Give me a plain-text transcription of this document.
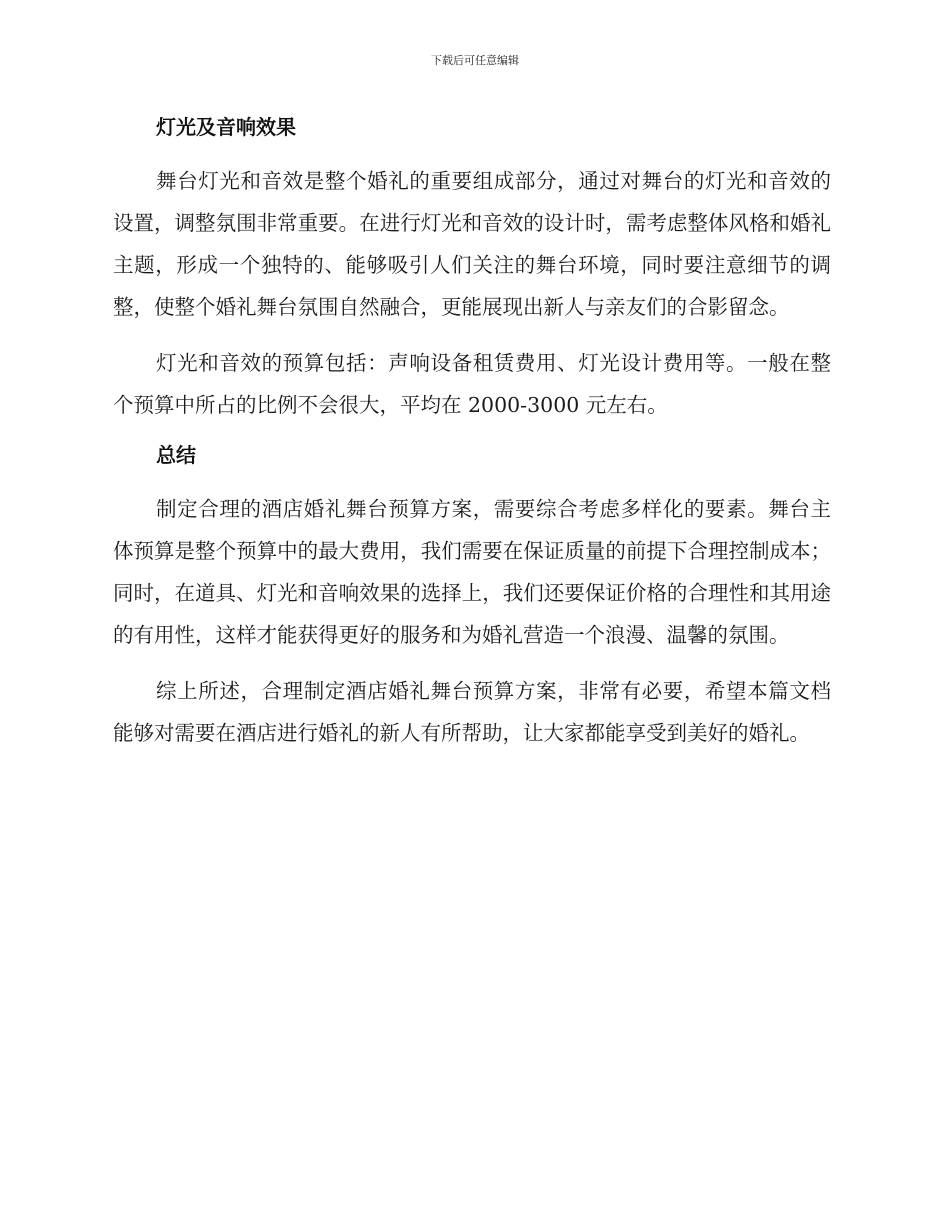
下载后可任意编辑
灯光及音响效果

舞台灯光和音效是整个婚礼的重要组成部分，通过对舞台的灯光和音效的设置，调整氛围非常重要。在进行灯光和音效的设计时，需考虑整体风格和婚礼主题，形成一个独特的、能够吸引人们关注的舞台环境，同时要注意细节的调整，使整个婚礼舞台氛围自然融合，更能展现出新人与亲友们的合影留念。

灯光和音效的预算包括：声响设备租赁费用、灯光设计费用等。一般在整个预算中所占的比例不会很大，平均在 2000-3000 元左右。

总结

制定合理的酒店婚礼舞台预算方案，需要综合考虑多样化的要素。舞台主体预算是整个预算中的最大费用，我们需要在保证质量的前提下合理控制成本；同时，在道具、灯光和音响效果的选择上，我们还要保证价格的合理性和其用途的有用性，这样才能获得更好的服务和为婚礼营造一个浪漫、温馨的氛围。

综上所述，合理制定酒店婚礼舞台预算方案，非常有必要，希望本篇文档能够对需要在酒店进行婚礼的新人有所帮助，让大家都能享受到美好的婚礼。
